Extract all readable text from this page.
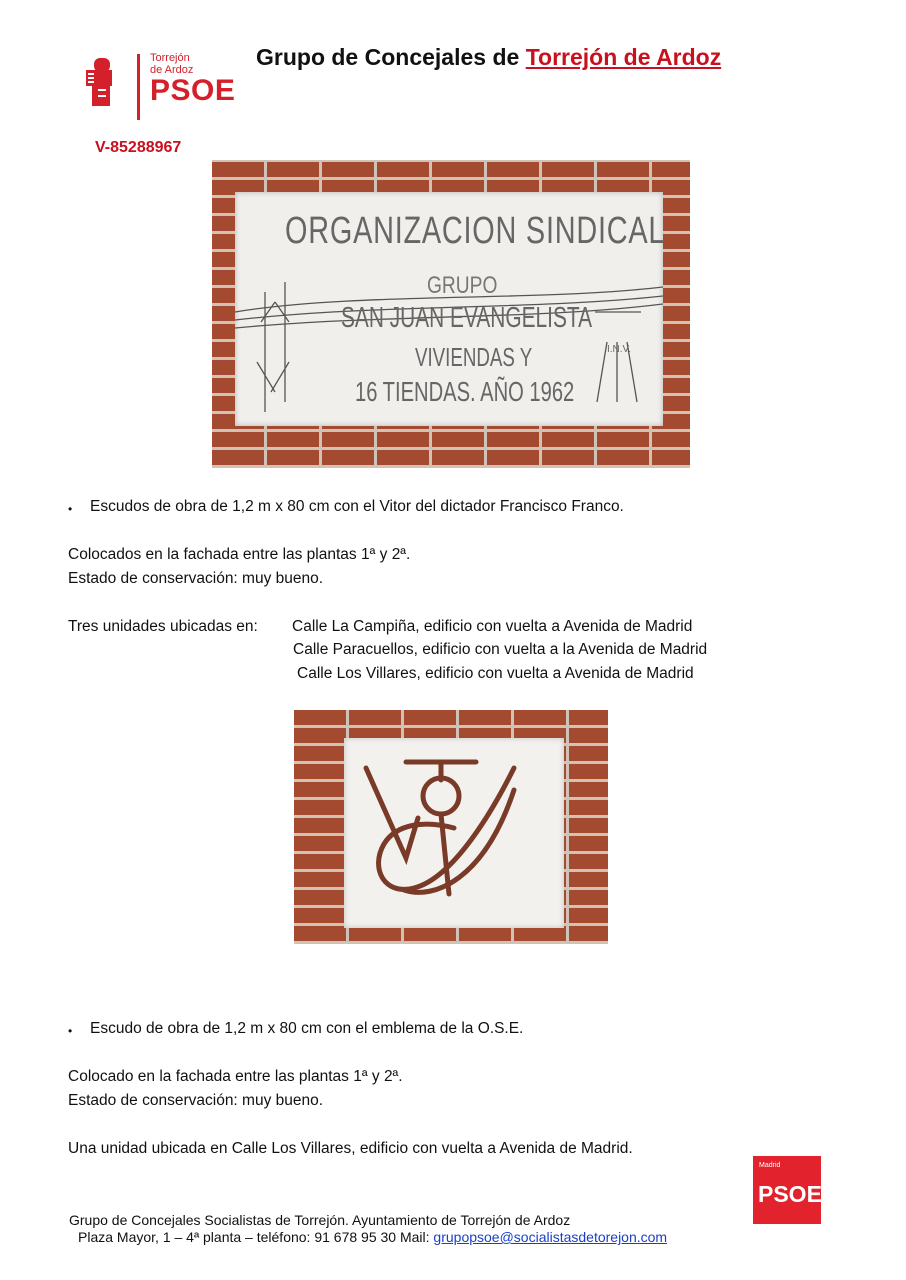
Torrejón
de Ardoz
PSOE
Grupo de Concejales de Torrejón de Ardoz
V-85288967
ORGANIZACION SINDICAL
GRUPO
SAN JUAN EVANGELISTA
VIVIENDAS Y
16 TIENDAS. AÑO 1962
I.N.V.
• Escudos de obra de 1,2 m x 80 cm con el Vitor del dictador Francisco Franco.
Colocados en la fachada entre las plantas 1ª y 2ª.
Estado de conservación: muy bueno.
Tres unidades ubicadas en: Calle La Campiña, edificio con vuelta a Avenida de Madrid
Calle Paracuellos, edificio con vuelta a la Avenida de Madrid
Calle Los Villares, edificio con vuelta a Avenida de Madrid
• Escudo de obra de 1,2 m x 80 cm con el emblema de la O.S.E.
Colocado en la fachada entre las plantas 1ª y 2ª.
Estado de conservación: muy bueno.
Una unidad ubicada en Calle Los Villares, edificio con vuelta a Avenida de Madrid.
Madrid
PSOE
Grupo de Concejales Socialistas de Torrejón. Ayuntamiento de Torrejón de Ardoz
Plaza Mayor, 1 – 4ª planta – teléfono: 91 678 95 30 Mail: grupopsoe@socialistasdetorejon.com
